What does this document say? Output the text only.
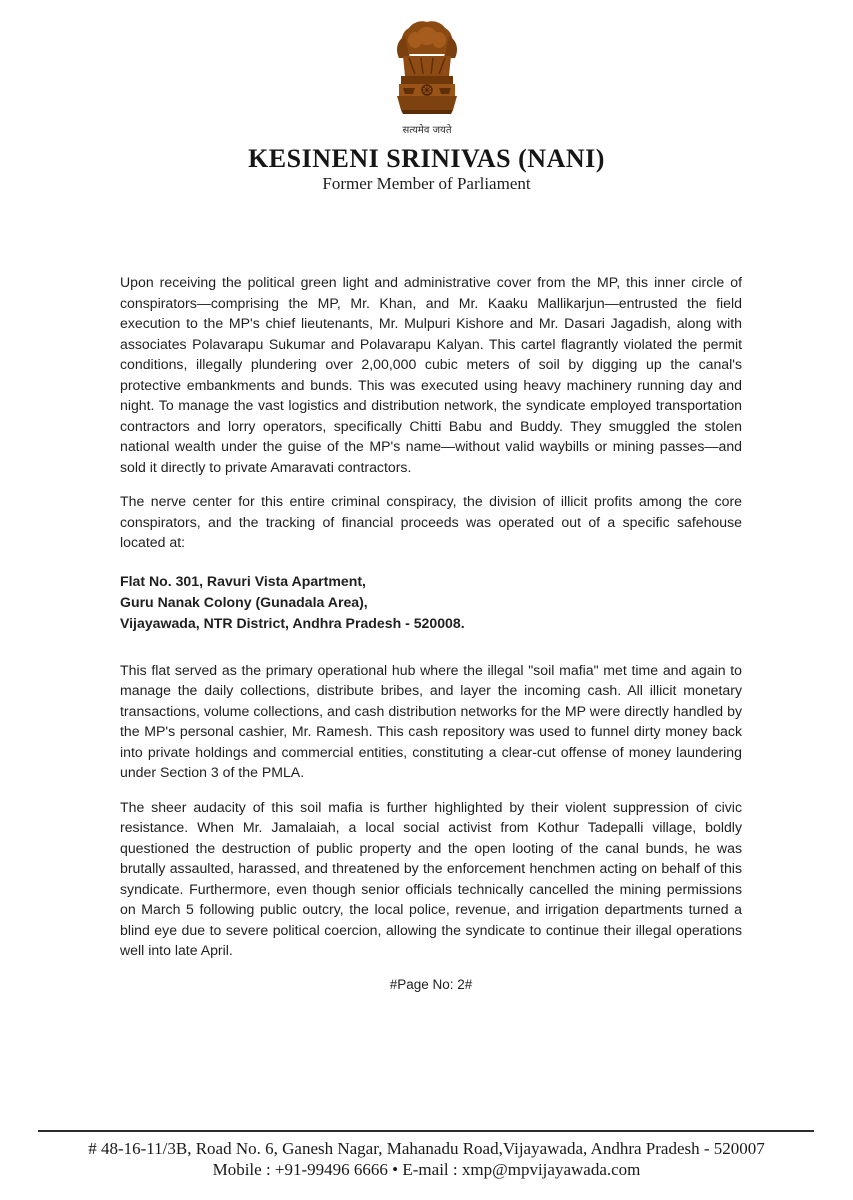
सत्यमेव जयते
KESINENI SRINIVAS (NANI)
Former Member of Parliament

Upon receiving the political green light and administrative cover from the MP, this inner circle of conspirators—comprising the MP, Mr. Khan, and Mr. Kaaku Mallikarjun—entrusted the field execution to the MP's chief lieutenants, Mr. Mulpuri Kishore and Mr. Dasari Jagadish, along with associates Polavarapu Sukumar and Polavarapu Kalyan. This cartel flagrantly violated the permit conditions, illegally plundering over 2,00,000 cubic meters of soil by digging up the canal's protective embankments and bunds. This was executed using heavy machinery running day and night. To manage the vast logistics and distribution network, the syndicate employed transportation contractors and lorry operators, specifically Chitti Babu and Buddy. They smuggled the stolen national wealth under the guise of the MP's name—without valid waybills or mining passes—and sold it directly to private Amaravati contractors.

The nerve center for this entire criminal conspiracy, the division of illicit profits among the core conspirators, and the tracking of financial proceeds was operated out of a specific safehouse located at:

Flat No. 301, Ravuri Vista Apartment,
Guru Nanak Colony (Gunadala Area),
Vijayawada, NTR District, Andhra Pradesh - 520008.

This flat served as the primary operational hub where the illegal "soil mafia" met time and again to manage the daily collections, distribute bribes, and layer the incoming cash. All illicit monetary transactions, volume collections, and cash distribution networks for the MP were directly handled by the MP's personal cashier, Mr. Ramesh. This cash repository was used to funnel dirty money back into private holdings and commercial entities, constituting a clear-cut offense of money laundering under Section 3 of the PMLA.

The sheer audacity of this soil mafia is further highlighted by their violent suppression of civic resistance. When Mr. Jamalaiah, a local social activist from Kothur Tadepalli village, boldly questioned the destruction of public property and the open looting of the canal bunds, he was brutally assaulted, harassed, and threatened by the enforcement henchmen acting on behalf of this syndicate. Furthermore, even though senior officials technically cancelled the mining permissions on March 5 following public outcry, the local police, revenue, and irrigation departments turned a blind eye due to severe political coercion, allowing the syndicate to continue their illegal operations well into late April.

#Page No: 2#
# 48-16-11/3B, Road No. 6, Ganesh Nagar, Mahanadu Road,Vijayawada, Andhra Pradesh - 520007
Mobile : +91-99496 6666 • E-mail : xmp@mpvijayawada.com
